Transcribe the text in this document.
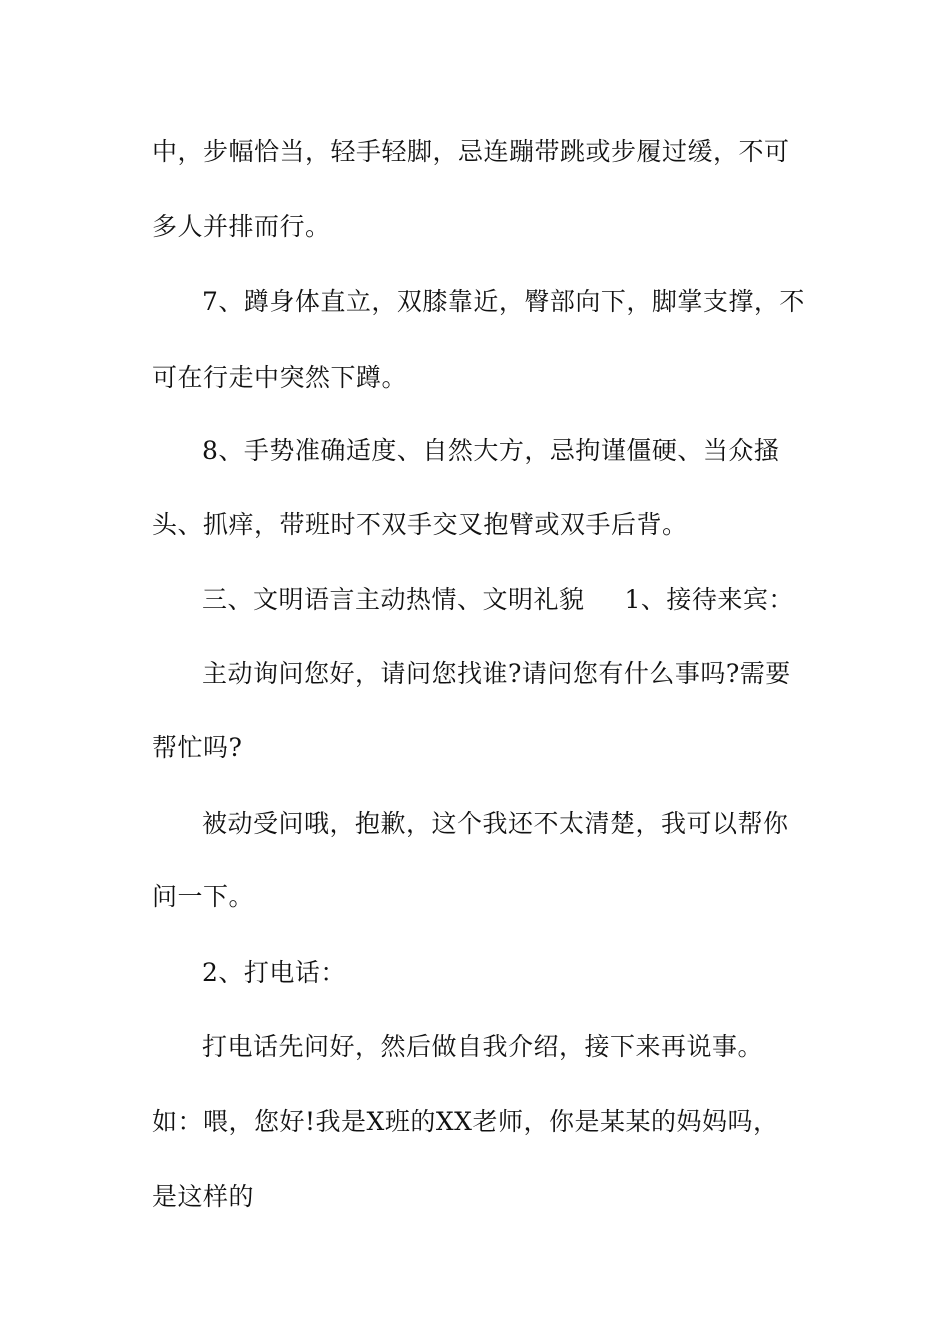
中，步幅恰当，轻手轻脚，忌连蹦带跳或步履过缓，不可
多人并排而行。
7、蹲身体直立，双膝靠近，臀部向下，脚掌支撑，不
可在行走中突然下蹲。
8、手势准确适度、自然大方，忌拘谨僵硬、当众搔
头、抓痒，带班时不双手交叉抱臂或双手后背。
三、文明语言主动热情、文明礼貌 1、接待来宾：
主动询问您好，请问您找谁?请问您有什么事吗?需要
帮忙吗?
被动受问哦，抱歉，这个我还不太清楚，我可以帮你
问一下。
2、打电话：
打电话先问好，然后做自我介绍，接下来再说事。
如：喂，您好!我是X班的XX老师，你是某某的妈妈吗，
是这样的
